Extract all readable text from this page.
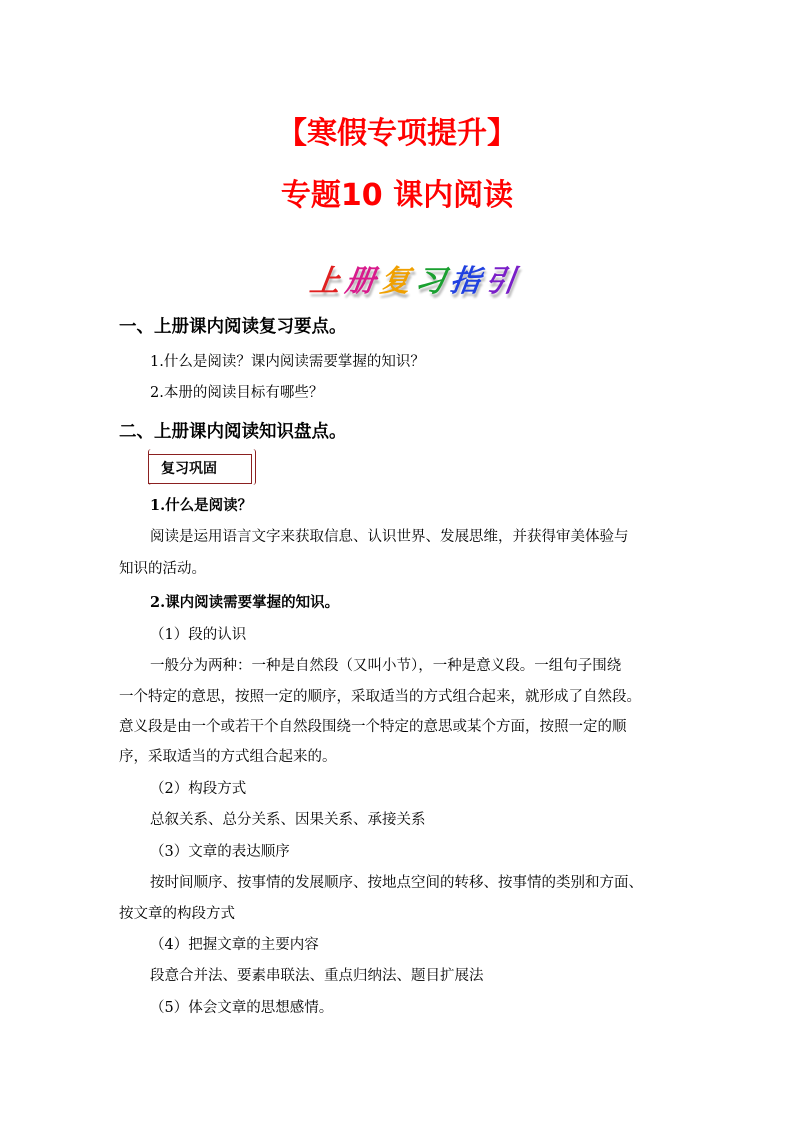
【寒假专项提升】
专题10 课内阅读
上 册 复 习 指 引
一、上册课内阅读复习要点。
1.什么是阅读？课内阅读需要掌握的知识？
2.本册的阅读目标有哪些？
二、上册课内阅读知识盘点。
复习巩固
1.什么是阅读？
阅读是运用语言文字来获取信息、认识世界、发展思维，并获得审美体验与
知识的活动。
2.课内阅读需要掌握的知识。
（1）段的认识
一般分为两种：一种是自然段（又叫小节），一种是意义段。一组句子围绕
一个特定的意思，按照一定的顺序，采取适当的方式组合起来，就形成了自然段。
意义段是由一个或若干个自然段围绕一个特定的意思或某个方面，按照一定的顺
序，采取适当的方式组合起来的。
（2）构段方式
总叙关系、总分关系、因果关系、承接关系
（3）文章的表达顺序
按时间顺序、按事情的发展顺序、按地点空间的转移、按事情的类别和方面、
按文章的构段方式
（4）把握文章的主要内容
段意合并法、要素串联法、重点归纳法、题目扩展法
（5）体会文章的思想感情。
